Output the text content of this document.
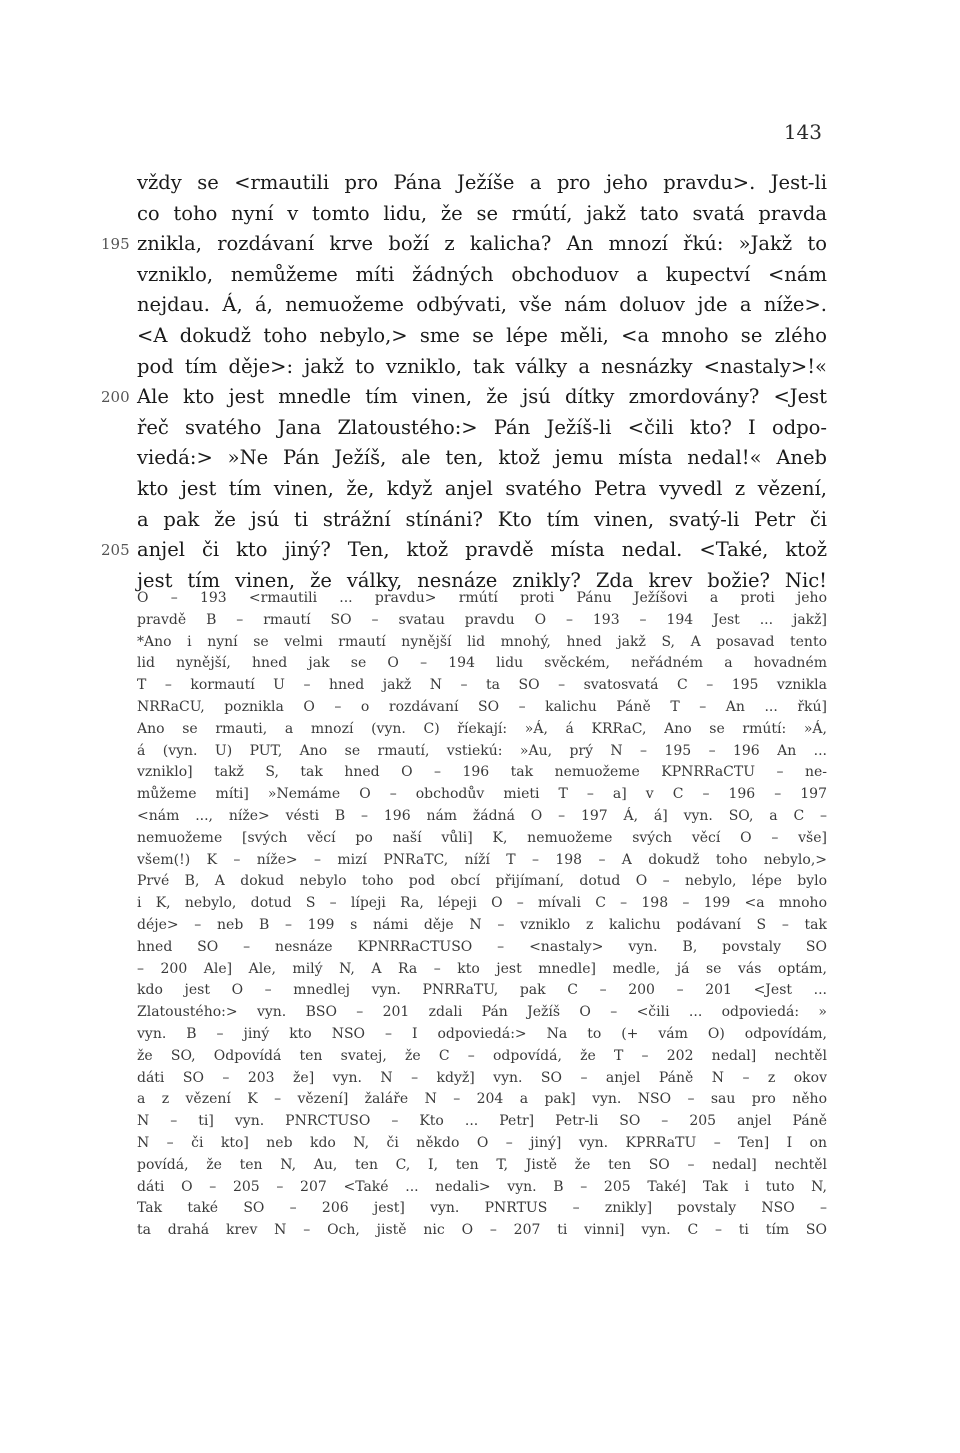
143
vždy se <rmautili pro Pána Ježíše a pro jeho pravdu>. Jest-li
co toho nyní v tomto lidu, že se rmútí, jakž tato svatá pravda
195 znikla, rozdávaní krve boží z kalicha? An mnozí řkú: »Jakž to
vzniklo, nemůžeme míti žádných obchoduov a kupectví <nám
nejdau. Á, á, nemuožeme odbývati, vše nám doluov jde a níže>.
<A dokudž toho nebylo,> sme se lépe měli, <a mnoho se zlého
pod tím děje>: jakž to vzniklo, tak války a nesnázky <nastaly>!«
200 Ale kto jest mnedle tím vinen, že jsú dítky zmordovány? <Jest
řeč svatého Jana Zlatoustého:> Pán Ježíš-li <čili kto? I odpo-
viedá:> »Ne Pán Ježíš, ale ten, ktož jemu místa nedal!« Aneb
kto jest tím vinen, že, když anjel svatého Petra vyvedl z vězení,
a pak že jsú ti strážní stínáni? Kto tím vinen, svatý-li Petr či
205 anjel či kto jiný? Ten, ktož pravdě místa nedal. <Také, ktož
jest tím vinen, že války, nesnáze znikly? Zda krev božie? Nic!
O – 193 <rmautili ... pravdu> rmútí proti Pánu Ježíšovi a proti jeho
pravdě B – rmautí SO – svatau pravdu O – 193 – 194 Jest ... jakž]
*Ano i nyní se velmi rmautí nynější lid mnohý, hned jakž S, A posavad tento
lid nynější, hned jak se O – 194 lidu svěckém, neřádném a hovadném
T – kormautí U – hned jakž N – ta SO – svatosvatá C – 195 vznikla
NRRaCU, poznikla O – o rozdávaní SO – kalichu Páně T – An ... řkú]
Ano se rmauti, a mnozí (vyn. C) říekají: »Á, á KRRaC, Ano se rmútí: »Á,
á (vyn. U) PUT, Ano se rmautí, vstiekú: »Au, prý N – 195 – 196 An ...
vzniklo] takž S, tak hned O – 196 tak nemuožeme KPNRRaCTU – ne-
můžeme míti] »Nemáme O – obchodův mieti T – a] v C – 196 – 197
<nám ..., níže> vésti B – 196 nám žádná O – 197 Á, á] vyn. SO, a C –
nemuožeme [svých věcí po naší vůli] K, nemuožeme svých věcí O – vše]
všem(!) K – níže> – mizí PNRaTC, níží T – 198 – A dokudž toho nebylo,>
Prvé B, A dokud nebylo toho pod obcí přijímaní, dotud O – nebylo, lépe bylo
i K, nebylo, dotud S – lípeji Ra, lépeji O – mívali C – 198 – 199 <a mnoho
déje> – neb B – 199 s námi děje N – vzniklo z kalichu podávaní S – tak
hned SO – nesnáze KPNRRaCTUSO – <nastaly> vyn. B, povstaly SO
– 200 Ale] Ale, milý N, A Ra – kto jest mnedle] medle, já se vás optám,
kdo jest O – mnedlej vyn. PNRRaTU, pak C – 200 – 201 <Jest ...
Zlatoustého:> vyn. BSO – 201 zdali Pán Ježíš O – <čili ... odpoviedá: »
vyn. B – jiný kto NSO – I odpoviedá:> Na to (+ vám O) odpovídám,
že SO, Odpovídá ten svatej, že C – odpovídá, že T – 202 nedal] nechtěl
dáti SO – 203 že] vyn. N – když] vyn. SO – anjel Páně N – z okov
a z vězení K – vězení] žaláře N – 204 a pak] vyn. NSO – sau pro něho
N – ti] vyn. PNRCTUSO – Kto ... Petr] Petr-li SO – 205 anjel Páně
N – či kto] neb kdo N, či někdo O – jiný] vyn. KPRRaTU – Ten] I on
povídá, že ten N, Au, ten C, I, ten T, Jistě že ten SO – nedal] nechtěl
dáti O – 205 – 207 <Také ... nedali> vyn. B – 205 Také] Tak i tuto N,
Tak také SO – 206 jest] vyn. PNRTUS – znikly] povstaly NSO –
ta drahá krev N – Och, jistě nic O – 207 ti vinni] vyn. C – ti tím SO
